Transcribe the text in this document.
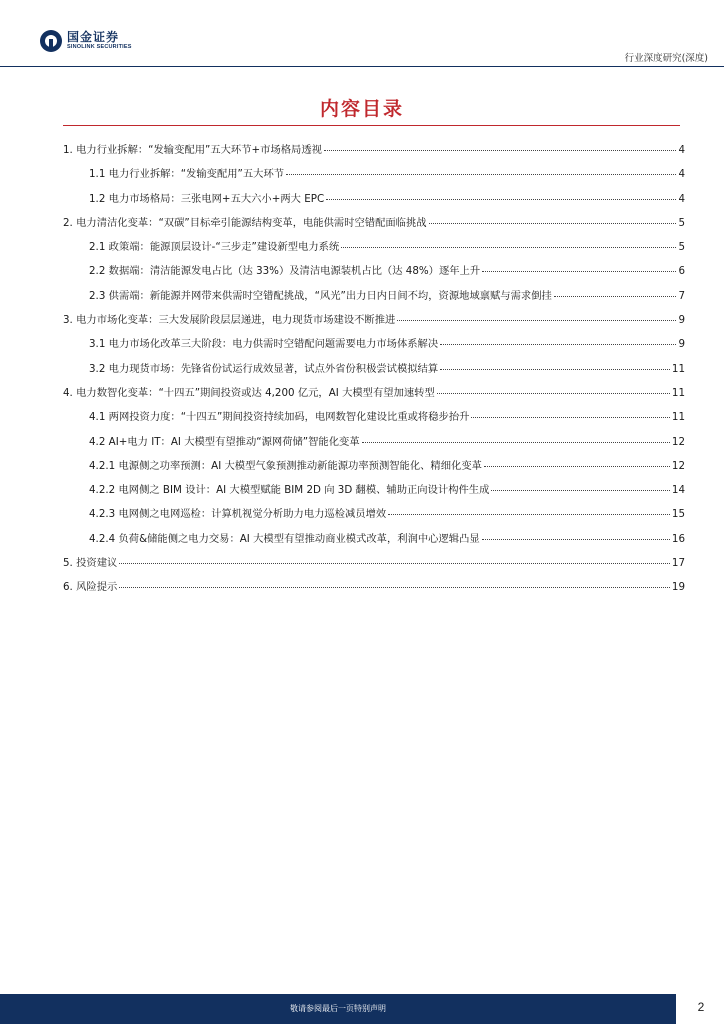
国金证券
SINOLINK SECURITIES
行业深度研究(深度)
内容目录
1. 电力行业拆解：“发输变配用”五大环节+市场格局透视	4
1.1 电力行业拆解：“发输变配用”五大环节	4
1.2 电力市场格局：三张电网+五大六小+两大 EPC	4
2. 电力清洁化变革：“双碳”目标牵引能源结构变革，电能供需时空错配面临挑战	5
2.1 政策端：能源顶层设计-“三步走”建设新型电力系统	5
2.2 数据端：清洁能源发电占比（达 33%）及清洁电源装机占比（达 48%）逐年上升	6
2.3 供需端：新能源并网带来供需时空错配挑战，“风光”出力日内日间不均，资源地域禀赋与需求倒挂	7
3. 电力市场化变革：三大发展阶段层层递进，电力现货市场建设不断推进	9
3.1 电力市场化改革三大阶段：电力供需时空错配问题需要电力市场体系解决	9
3.2 电力现货市场：先锋省份试运行成效显著，试点外省份积极尝试模拟结算	11
4. 电力数智化变革：“十四五”期间投资或达 4,200 亿元，AI 大模型有望加速转型	11
4.1 两网投资力度：“十四五”期间投资持续加码，电网数智化建设比重或将稳步抬升	11
4.2 AI+电力 IT：AI 大模型有望推动“源网荷储”智能化变革	12
4.2.1 电源侧之功率预测：AI 大模型气象预测推动新能源功率预测智能化、精细化变革	12
4.2.2 电网侧之 BIM 设计：AI 大模型赋能 BIM 2D 向 3D 翻模、辅助正向设计构件生成	14
4.2.3 电网侧之电网巡检：计算机视觉分析助力电力巡检减员增效	15
4.2.4 负荷&储能侧之电力交易：AI 大模型有望推动商业模式改革，利润中心逻辑凸显	16
5. 投资建议	17
6. 风险提示	19
敬请参阅最后一页特别声明	2
